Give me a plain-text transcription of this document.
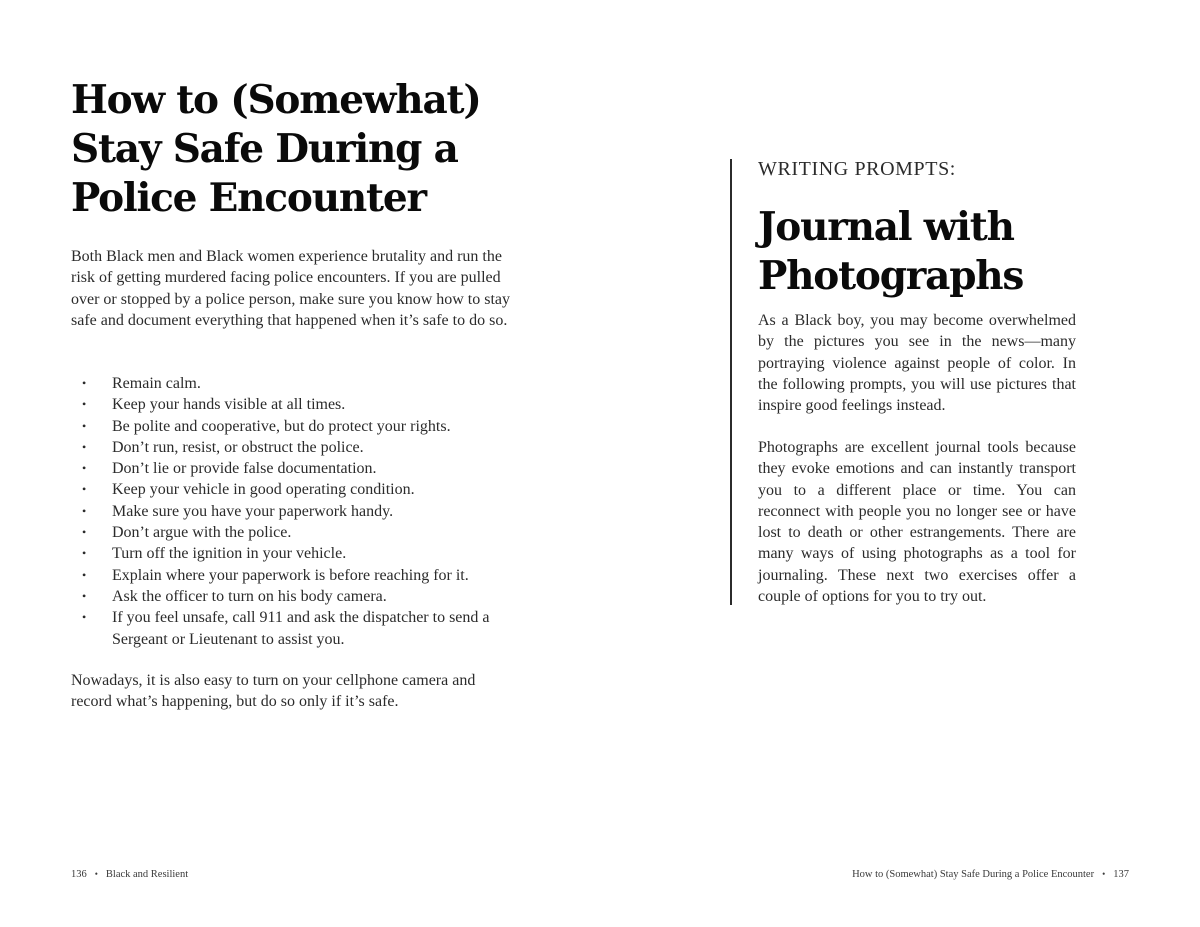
How to (Somewhat)
Stay Safe During a
Police Encounter

Both Black men and Black women experience brutality and run the risk of getting murdered facing police encounters. If you are pulled over or stopped by a police person, make sure you know how to stay safe and document everything that happened when it’s safe to do so.

• Remain calm.
• Keep your hands visible at all times.
• Be polite and cooperative, but do protect your rights.
• Don’t run, resist, or obstruct the police.
• Don’t lie or provide false documentation.
• Keep your vehicle in good operating condition.
• Make sure you have your paperwork handy.
• Don’t argue with the police.
• Turn off the ignition in your vehicle.
• Explain where your paperwork is before reaching for it.
• Ask the officer to turn on his body camera.
• If you feel unsafe, call 911 and ask the dispatcher to send a Sergeant or Lieutenant to assist you.

Nowadays, it is also easy to turn on your cellphone camera and record what’s happening, but do so only if it’s safe.

136 • Black and Resilient

WRITING PROMPTS:

Journal with
Photographs

As a Black boy, you may become overwhelmed by the pictures you see in the news—many portraying violence against people of color. In the following prompts, you will use pictures that inspire good feelings instead.

Photographs are excellent journal tools because they evoke emotions and can instantly transport you to a different place or time. You can reconnect with people you no longer see or have lost to death or other estrangements. There are many ways of using photographs as a tool for journaling. These next two exercises offer a couple of options for you to try out.

How to (Somewhat) Stay Safe During a Police Encounter • 137
